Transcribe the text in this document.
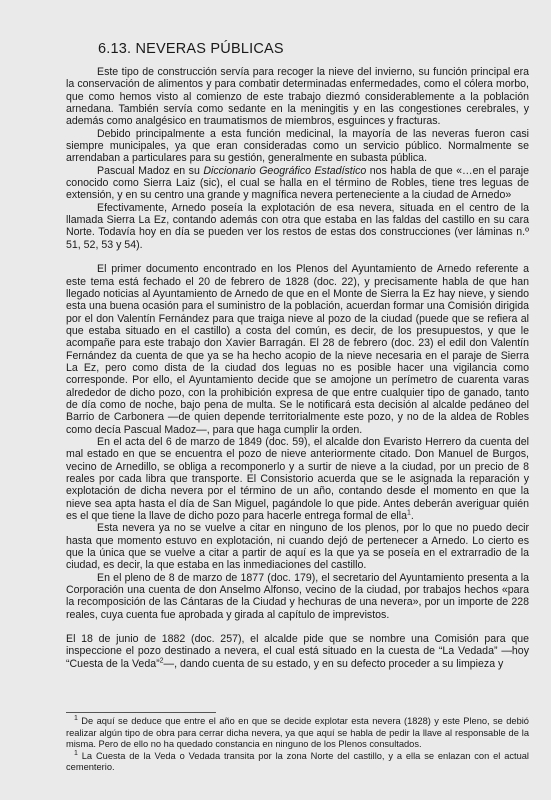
6.13. NEVERAS PÚBLICAS

Este tipo de construcción servía para recoger la nieve del invierno, su función principal era la conservación de alimentos y para combatir determinadas enfermedades, como el cólera morbo, que como hemos visto al comienzo de este trabajo diezmó considerablemente a la población arnedana. También servía como sedante en la meningitis y en las congestiones cerebrales, y además como analgésico en traumatismos de miembros, esguinces y fracturas.

Debido principalmente a esta función medicinal, la mayoría de las neveras fueron casi siempre municipales, ya que eran consideradas como un servicio público. Normalmente se arrendaban a particulares para su gestión, generalmente en subasta pública.

Pascual Madoz en su Diccionario Geográfico Estadístico nos habla de que «…en el paraje conocido como Sierra Laiz (sic), el cual se halla en el término de Robles, tiene tres leguas de extensión, y en su centro una grande y magnífica nevera perteneciente a la ciudad de Arnedo»

Efectivamente, Arnedo poseía la explotación de esa nevera, situada en el centro de la llamada Sierra La Ez, contando además con otra que estaba en las faldas del castillo en su cara Norte. Todavía hoy en día se pueden ver los restos de estas dos construcciones (ver láminas n.º 51, 52, 53 y 54).

El primer documento encontrado en los Plenos del Ayuntamiento de Arnedo referente a este tema está fechado el 20 de febrero de 1828 (doc. 22), y precisamente habla de que han llegado noticias al Ayuntamiento de Arnedo de que en el Monte de Sierra la Ez hay nieve, y siendo esta una buena ocasión para el suministro de la población, acuerdan formar una Comisión dirigida por el don Valentín Fernández para que traiga nieve al pozo de la ciudad (puede que se refiera al que estaba situado en el castillo) a costa del común, es decir, de los presupuestos, y que le acompañe para este trabajo don Xavier Barragán. El 28 de febrero (doc. 23) el edil don Valentín Fernández da cuenta de que ya se ha hecho acopio de la nieve necesaria en el paraje de Sierra La Ez, pero como dista de la ciudad dos leguas no es posible hacer una vigilancia como corresponde. Por ello, el Ayuntamiento decide que se amojone un perímetro de cuarenta varas alrededor de dicho pozo, con la prohibición expresa de que entre cualquier tipo de ganado, tanto de día como de noche, bajo pena de multa. Se le notificará esta decisión al alcalde pedáneo del Barrio de Carbonera —de quien depende territorialmente este pozo, y no de la aldea de Robles como decía Pascual Madoz—, para que haga cumplir la orden.

En el acta del 6 de marzo de 1849 (doc. 59), el alcalde don Evaristo Herrero da cuenta del mal estado en que se encuentra el pozo de nieve anteriormente citado. Don Manuel de Burgos, vecino de Arnedillo, se obliga a recomponerlo y a surtir de nieve a la ciudad, por un precio de 8 reales por cada libra que transporte. El Consistorio acuerda que se le asignada la reparación y explotación de dicha nevera por el término de un año, contando desde el momento en que la nieve sea apta hasta el día de San Miguel, pagándole lo que pide. Antes deberán averiguar quién es el que tiene la llave de dicho pozo para hacerle entrega formal de ella$^1$.

Esta nevera ya no se vuelve a citar en ninguno de los plenos, por lo que no puedo decir hasta que momento estuvo en explotación, ni cuando dejó de pertenecer a Arnedo. Lo cierto es que la única que se vuelve a citar a partir de aquí es la que ya se poseía en el extrarradio de la ciudad, es decir, la que estaba en las inmediaciones del castillo.

En el pleno de 8 de marzo de 1877 (doc. 179), el secretario del Ayuntamiento presenta a la Corporación una cuenta de don Anselmo Alfonso, vecino de la ciudad, por trabajos hechos «para la recomposición de las Cántaras de la Ciudad y hechuras de una nevera», por un importe de 228 reales, cuya cuenta fue aprobada y girada al capítulo de imprevistos.

El 18 de junio de 1882 (doc. 257), el alcalde pide que se nombre una Comisión para que inspeccione el pozo destinado a nevera, el cual está situado en la cuesta de “La Vedada” —hoy “Cuesta de la Veda”$^2$—, dando cuenta de su estado, y en su defecto proceder a su limpieza y

$^1$ De aquí se deduce que entre el año en que se decide explotar esta nevera (1828) y este Pleno, se debió realizar algún tipo de obra para cerrar dicha nevera, ya que aquí se habla de pedir la llave al responsable de la misma. Pero de ello no ha quedado constancia en ninguno de los Plenos consultados.

$^1$ La Cuesta de la Veda o Vedada transita por la zona Norte del castillo, y a ella se enlazan con el actual cementerio.
